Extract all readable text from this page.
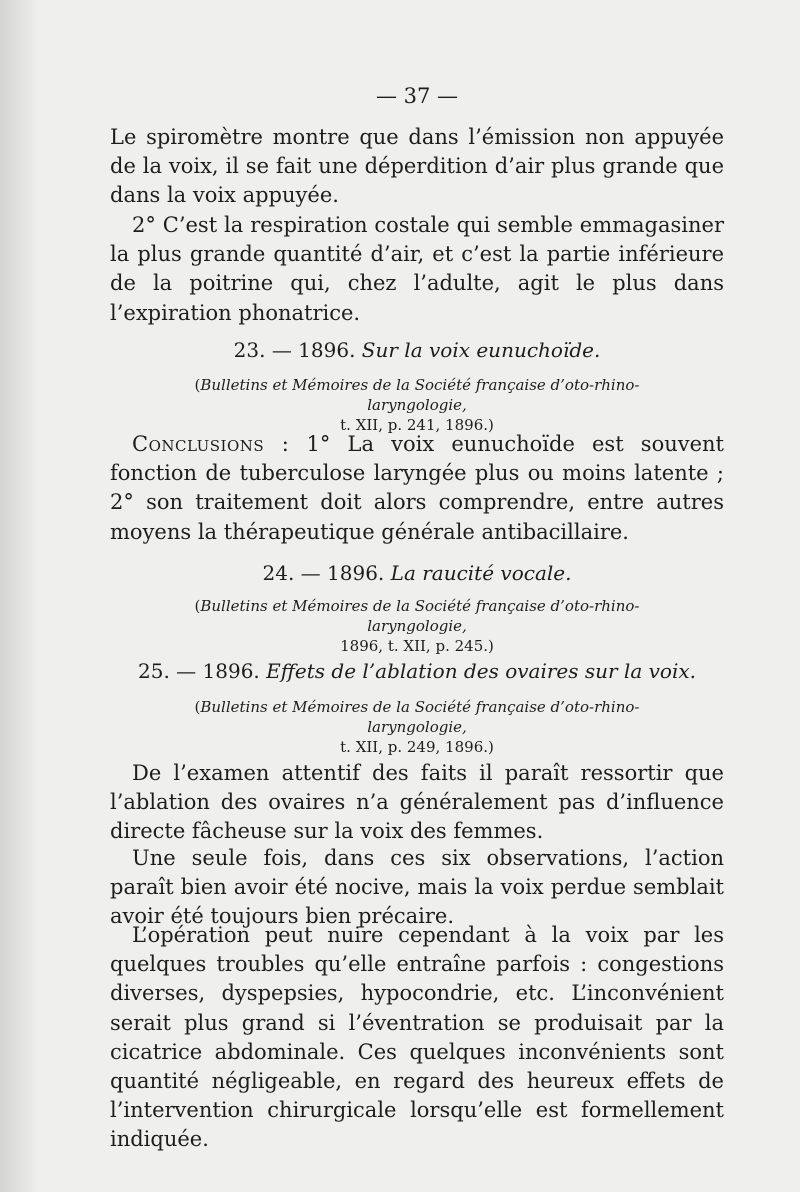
— 37 —
Le spiromètre montre que dans l’émission non appuyée de la voix, il se fait une déperdition d’air plus grande que dans la voix appuyée.
2° C’est la respiration costale qui semble emmagasiner la plus grande quantité d’air, et c’est la partie inférieure de la poitrine qui, chez l’adulte, agit le plus dans l’expiration phonatrice.
23. — 1896. Sur la voix eunuchoïde.
(Bulletins et Mémoires de la Société française d’oto-rhino-laryngologie,
t. XII, p. 241, 1896.)
Conclusions : 1° La voix eunuchoïde est souvent fonction de tuberculose laryngée plus ou moins latente ; 2° son traitement doit alors comprendre, entre autres moyens la thérapeutique générale antibacillaire.
24. — 1896. La raucité vocale.
(Bulletins et Mémoires de la Société française d’oto-rhino-laryngologie,
1896, t. XII, p. 245.)
25. — 1896. Effets de l’ablation des ovaires sur la voix.
(Bulletins et Mémoires de la Société française d’oto-rhino-laryngologie,
t. XII, p. 249, 1896.)
De l’examen attentif des faits il paraît ressortir que l’ablation des ovaires n’a généralement pas d’influence directe fâcheuse sur la voix des femmes.
Une seule fois, dans ces six observations, l’action paraît bien avoir été nocive, mais la voix perdue semblait avoir été toujours bien précaire.
L’opération peut nuire cependant à la voix par les quelques troubles qu’elle entraîne parfois : congestions diverses, dyspepsies, hypocondrie, etc. L’inconvénient serait plus grand si l’éventration se produisait par la cicatrice abdominale. Ces quelques inconvénients sont quantité négligeable, en regard des heureux effets de l’intervention chirurgicale lorsqu’elle est formellement indiquée.
